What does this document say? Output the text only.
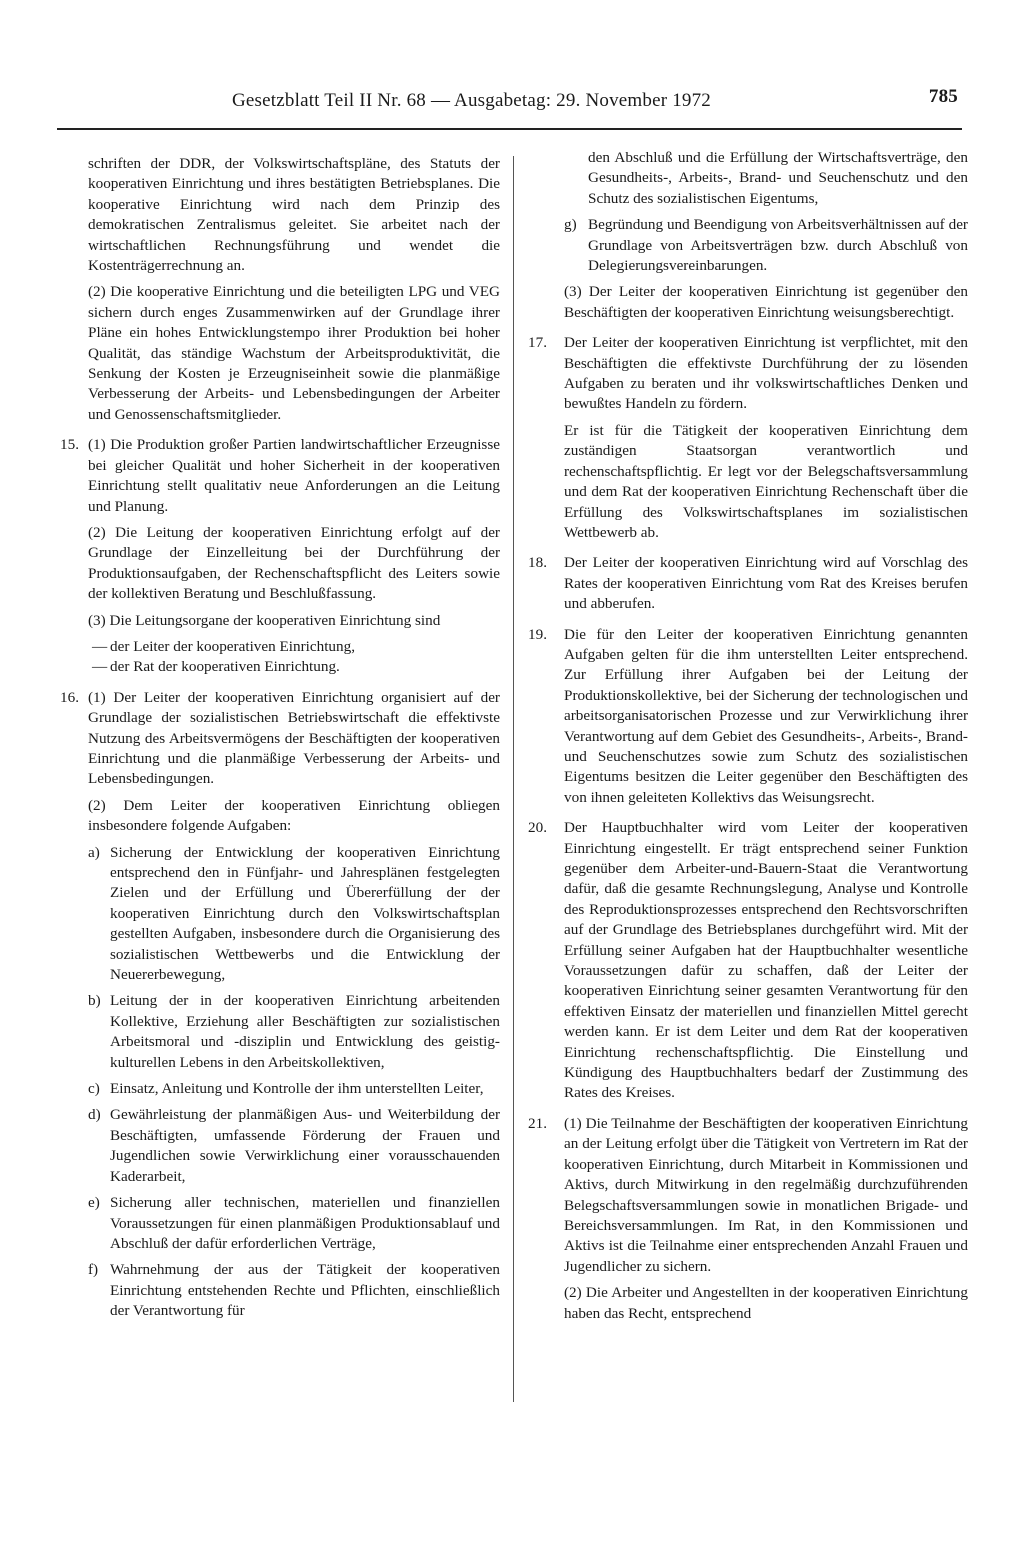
Gesetzblatt Teil II Nr. 68 — Ausgabetag: 29. November 1972	785

schriften der DDR, der Volkswirtschaftspläne, des Statuts der kooperativen Einrichtung und ihres bestätigten Betriebsplanes. Die kooperative Einrichtung wird nach dem Prinzip des demokratischen Zentralismus geleitet. Sie arbeitet nach der wirtschaftlichen Rechnungsführung und wendet die Kostenträgerrechnung an.

(2) Die kooperative Einrichtung und die beteiligten LPG und VEG sichern durch enges Zusammenwirken auf der Grundlage ihrer Pläne ein hohes Entwicklungstempo ihrer Produktion bei hoher Qualität, das ständige Wachstum der Arbeitsproduktivität, die Senkung der Kosten je Erzeugniseinheit sowie die planmäßige Verbesserung der Arbeits- und Lebensbedingungen der Arbeiter und Genossenschaftsmitglieder.

15. (1) Die Produktion großer Partien landwirtschaftlicher Erzeugnisse bei gleicher Qualität und hoher Sicherheit in der kooperativen Einrichtung stellt qualitativ neue Anforderungen an die Leitung und Planung.

(2) Die Leitung der kooperativen Einrichtung erfolgt auf der Grundlage der Einzelleitung bei der Durchführung der Produktionsaufgaben, der Rechenschaftspflicht des Leiters sowie der kollektiven Beratung und Beschlußfassung.

(3) Die Leitungsorgane der kooperativen Einrichtung sind

— der Leiter der kooperativen Einrichtung,
— der Rat der kooperativen Einrichtung.
16. (1) Der Leiter der kooperativen Einrichtung organisiert auf der Grundlage der sozialistischen Betriebswirtschaft die effektivste Nutzung des Arbeitsvermögens der Beschäftigten der kooperativen Einrichtung und die planmäßige Verbesserung der Arbeits- und Lebensbedingungen.

(2) Dem Leiter der kooperativen Einrichtung obliegen insbesondere folgende Aufgaben:

a) Sicherung der Entwicklung der kooperativen Einrichtung entsprechend den in Fünfjahr- und Jahresplänen festgelegten Zielen und der Erfüllung und Übererfüllung der der kooperativen Einrichtung durch den Volkswirtschaftsplan gestellten Aufgaben, insbesondere durch die Organisierung des sozialistischen Wettbewerbs und die Entwicklung der Neuererbewegung,
b) Leitung der in der kooperativen Einrichtung arbeitenden Kollektive, Erziehung aller Beschäftigten zur sozialistischen Arbeitsmoral und -disziplin und Entwicklung des geistig-kulturellen Lebens in den Arbeitskollektiven,
c) Einsatz, Anleitung und Kontrolle der ihm unterstellten Leiter,
d) Gewährleistung der planmäßigen Aus- und Weiterbildung der Beschäftigten, umfassende Förderung der Frauen und Jugendlichen sowie Verwirklichung einer vorausschauenden Kaderarbeit,
e) Sicherung aller technischen, materiellen und finanziellen Voraussetzungen für einen planmäßigen Produktionsablauf und Abschluß der dafür erforderlichen Verträge,
f) Wahrnehmung der aus der Tätigkeit der kooperativen Einrichtung entstehenden Rechte und Pflichten, einschließlich der Verantwortung für
den Abschluß und die Erfüllung der Wirtschaftsverträge, den Gesundheits-, Arbeits-, Brand- und Seuchenschutz und den Schutz des sozialistischen Eigentums,
g) Begründung und Beendigung von Arbeitsverhältnissen auf der Grundlage von Arbeitsverträgen bzw. durch Abschluß von Delegierungsvereinbarungen.

(3) Der Leiter der kooperativen Einrichtung ist gegenüber den Beschäftigten der kooperativen Einrichtung weisungsberechtigt.

17. Der Leiter der kooperativen Einrichtung ist verpflichtet, mit den Beschäftigten die effektivste Durchführung der zu lösenden Aufgaben zu beraten und ihr volkswirtschaftliches Denken und bewußtes Handeln zu fördern.

Er ist für die Tätigkeit der kooperativen Einrichtung dem zuständigen Staatsorgan verantwortlich und rechenschaftspflichtig. Er legt vor der Belegschaftsversammlung und dem Rat der kooperativen Einrichtung Rechenschaft über die Erfüllung des Volkswirtschaftsplanes im sozialistischen Wettbewerb ab.

18. Der Leiter der kooperativen Einrichtung wird auf Vorschlag des Rates der kooperativen Einrichtung vom Rat des Kreises berufen und abberufen.

19. Die für den Leiter der kooperativen Einrichtung genannten Aufgaben gelten für die ihm unterstellten Leiter entsprechend. Zur Erfüllung ihrer Aufgaben bei der Leitung der Produktionskollektive, bei der Sicherung der technologischen und arbeitsorganisatorischen Prozesse und zur Verwirklichung ihrer Verantwortung auf dem Gebiet des Gesundheits-, Arbeits-, Brand- und Seuchenschutzes sowie zum Schutz des sozialistischen Eigentums besitzen die Leiter gegenüber den Beschäftigten des von ihnen geleiteten Kollektivs das Weisungsrecht.

20. Der Hauptbuchhalter wird vom Leiter der kooperativen Einrichtung eingestellt. Er trägt entsprechend seiner Funktion gegenüber dem Arbeiter-und-Bauern-Staat die Verantwortung dafür, daß die gesamte Rechnungslegung, Analyse und Kontrolle des Reproduktionsprozesses entsprechend den Rechtsvorschriften auf der Grundlage des Betriebsplanes durchgeführt wird. Mit der Erfüllung seiner Aufgaben hat der Hauptbuchhalter wesentliche Voraussetzungen dafür zu schaffen, daß der Leiter der kooperativen Einrichtung seiner gesamten Verantwortung für den effektiven Einsatz der materiellen und finanziellen Mittel gerecht werden kann. Er ist dem Leiter und dem Rat der kooperativen Einrichtung rechenschaftspflichtig. Die Einstellung und Kündigung des Hauptbuchhalters bedarf der Zustimmung des Rates des Kreises.

21. (1) Die Teilnahme der Beschäftigten der kooperativen Einrichtung an der Leitung erfolgt über die Tätigkeit von Vertretern im Rat der kooperativen Einrichtung, durch Mitarbeit in Kommissionen und Aktivs, durch Mitwirkung in den regelmäßig durchzuführenden Belegschaftsversammlungen sowie in monatlichen Brigade- und Bereichsversammlungen. Im Rat, in den Kommissionen und Aktivs ist die Teilnahme einer entsprechenden Anzahl Frauen und Jugendlicher zu sichern.

(2) Die Arbeiter und Angestellten in der kooperativen Einrichtung haben das Recht, entsprechend
